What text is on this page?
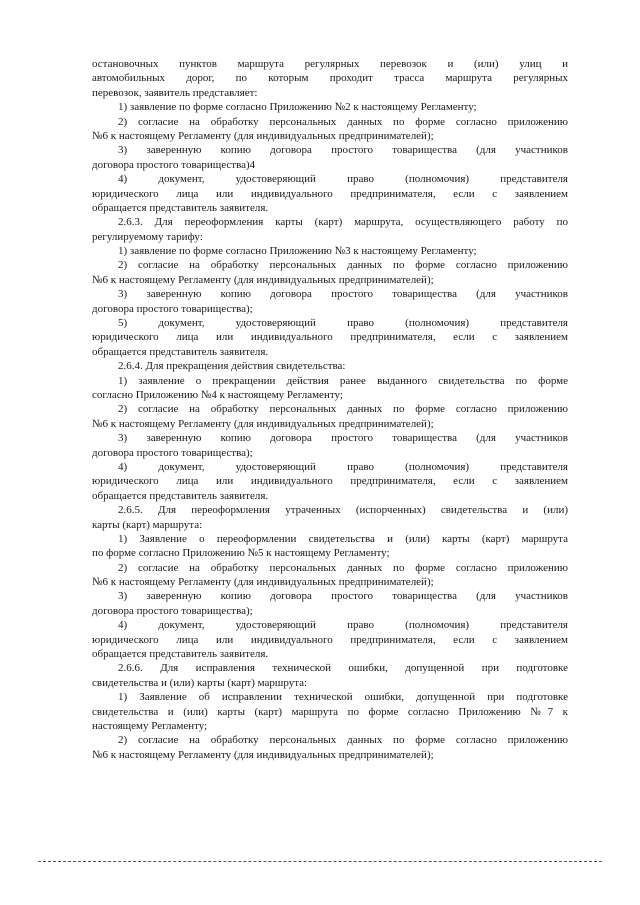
остановочных пунктов маршрута регулярных перевозок и (или) улиц и
автомобильных дорог, по которым проходит трасса маршрута регулярных
перевозок, заявитель представляет:
1) заявление по форме согласно Приложению №2 к настоящему Регламенту;
2) согласие на обработку персональных данных по форме согласно приложению
№6 к настоящему Регламенту (для индивидуальных предпринимателей);
3) заверенную копию договора простого товарищества (для участников
договора простого товарищества)4
4) документ, удостоверяющий право (полномочия) представителя
юридического лица или индивидуального предпринимателя, если с заявлением
обращается представитель заявителя.
2.6.3. Для переоформления карты (карт) маршрута, осуществляющего работу по
регулируемому тарифу:
1) заявление по форме согласно Приложению №3 к настоящему Регламенту;
2) согласие на обработку персональных данных по форме согласно приложению
№6 к настоящему Регламенту (для индивидуальных предпринимателей);
3) заверенную копию договора простого товарищества (для участников
договора простого товарищества);
5) документ, удостоверяющий право (полномочия) представителя
юридического лица или индивидуального предпринимателя, если с заявлением
обращается представитель заявителя.
2.6.4. Для прекращения действия свидетельства:
1) заявление о прекращении действия ранее выданного свидетельства по форме
согласно Приложению №4 к настоящему Регламенту;
2) согласие на обработку персональных данных по форме согласно приложению
№6 к настоящему Регламенту (для индивидуальных предпринимателей);
3) заверенную копию договора простого товарищества (для участников
договора простого товарищества);
4) документ, удостоверяющий право (полномочия) представителя
юридического лица или индивидуального предпринимателя, если с заявлением
обращается представитель заявителя.
2.6.5. Для переоформления утраченных (испорченных) свидетельства и (или)
карты (карт) маршрута:
1) Заявление о переоформлении свидетельства и (или) карты (карт) маршрута
по форме согласно Приложению №5 к настоящему Регламенту;
2) согласие на обработку персональных данных по форме согласно приложению
№6 к настоящему Регламенту (для индивидуальных предпринимателей);
3) заверенную копию договора простого товарищества (для участников
договора простого товарищества);
4) документ, удостоверяющий право (полномочия) представителя
юридического лица или индивидуального предпринимателя, если с заявлением
обращается представитель заявителя.
2.6.6. Для исправления технической ошибки, допущенной при подготовке
свидетельства и (или) карты (карт) маршрута:
1) Заявление об исправлении технической ошибки, допущенной при подготовке
свидетельства и (или) карты (карт) маршрута по форме согласно Приложению №7 к
настоящему Регламенту;
2) согласие на обработку персональных данных по форме согласно приложению
№6 к настоящему Регламенту (для индивидуальных предпринимателей);
